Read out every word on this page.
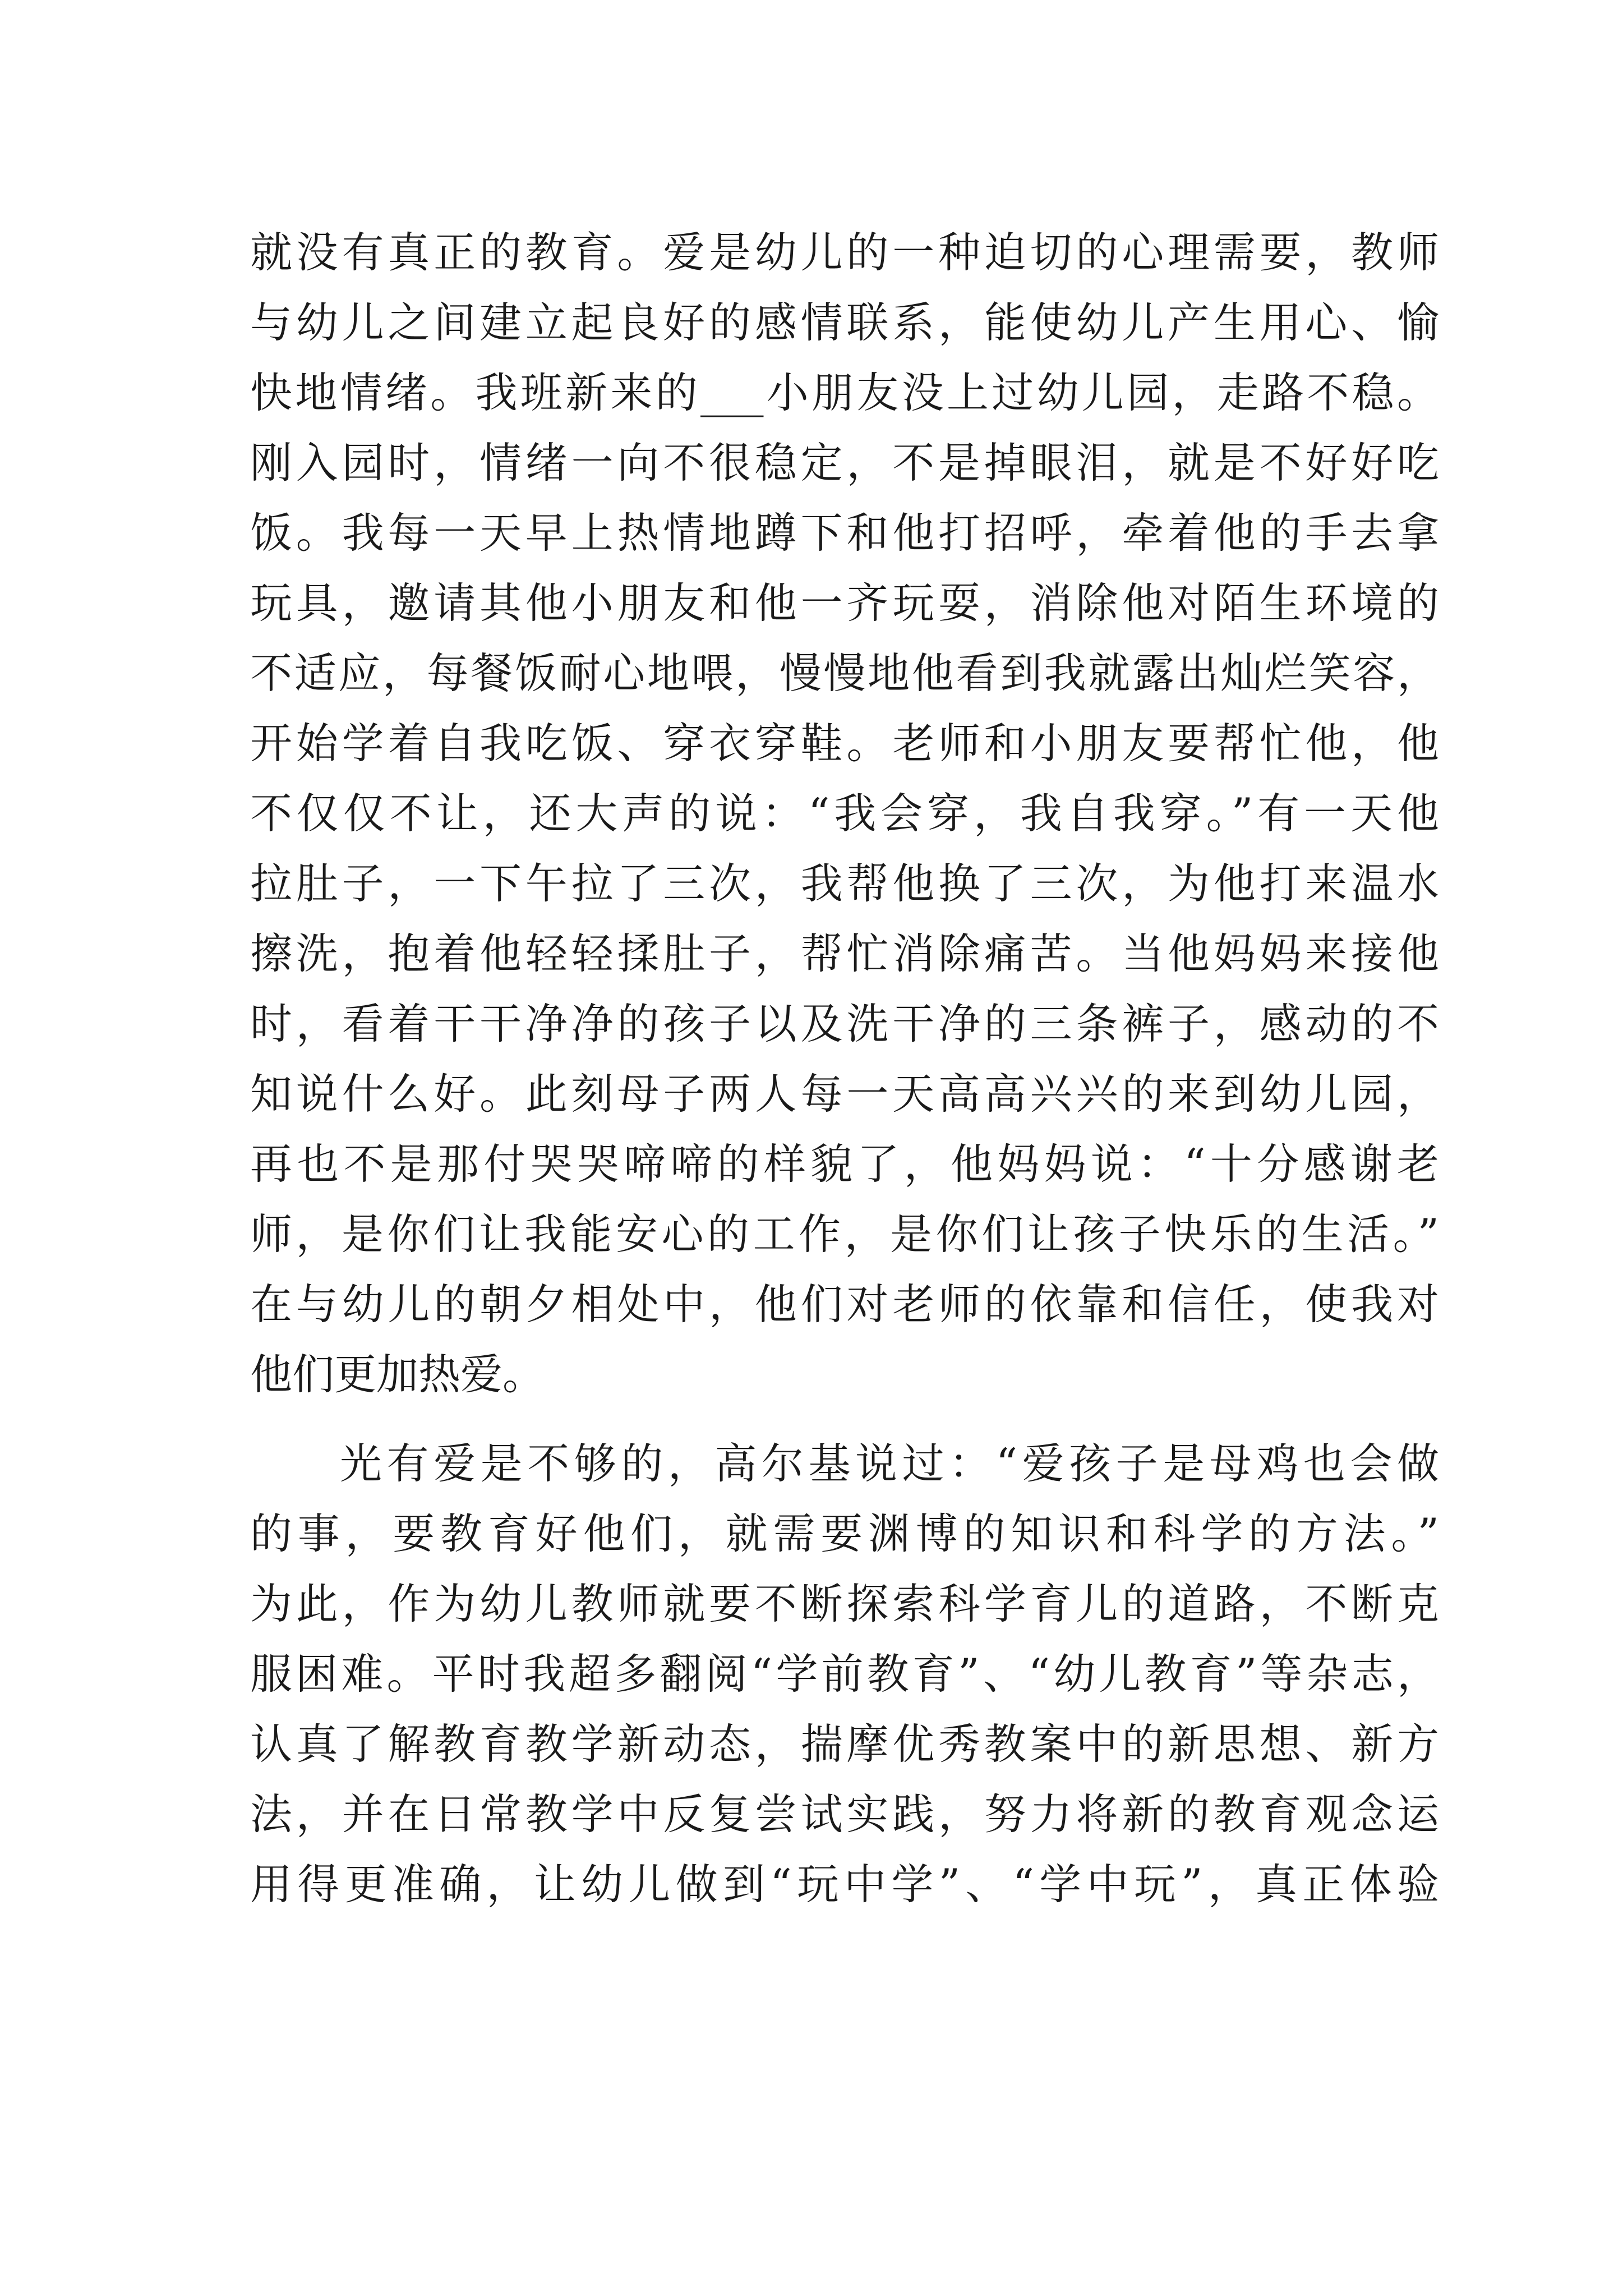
就没有真正的教育。爱是幼儿的一种迫切的心理需要，教师
与幼儿之间建立起良好的感情联系，能使幼儿产生用心、愉
快地情绪。我班新来的___小朋友没上过幼儿园，走路不稳。
刚入园时，情绪一向不很稳定，不是掉眼泪，就是不好好吃
饭。我每一天早上热情地蹲下和他打招呼，牵着他的手去拿
玩具，邀请其他小朋友和他一齐玩耍，消除他对陌生环境的
不适应，每餐饭耐心地喂，慢慢地他看到我就露出灿烂笑容，
开始学着自我吃饭、穿衣穿鞋。老师和小朋友要帮忙他，他
不仅仅不让，还大声的说：“我会穿，我自我穿。”有一天他
拉肚子，一下午拉了三次，我帮他换了三次，为他打来温水
擦洗，抱着他轻轻揉肚子，帮忙消除痛苦。当他妈妈来接他
时，看着干干净净的孩子以及洗干净的三条裤子，感动的不
知说什么好。此刻母子两人每一天高高兴兴的来到幼儿园，
再也不是那付哭哭啼啼的样貌了，他妈妈说：“十分感谢老
师，是你们让我能安心的工作，是你们让孩子快乐的生活。”
在与幼儿的朝夕相处中，他们对老师的依靠和信任，使我对
他们更加热爱。
光有爱是不够的，高尔基说过：“爱孩子是母鸡也会做
的事，要教育好他们，就需要渊博的知识和科学的方法。”
为此，作为幼儿教师就要不断探索科学育儿的道路，不断克
服困难。平时我超多翻阅“学前教育”、“幼儿教育”等杂志，
认真了解教育教学新动态，揣摩优秀教案中的新思想、新方
法，并在日常教学中反复尝试实践，努力将新的教育观念运
用得更准确，让幼儿做到“玩中学”、“学中玩”，真正体验
